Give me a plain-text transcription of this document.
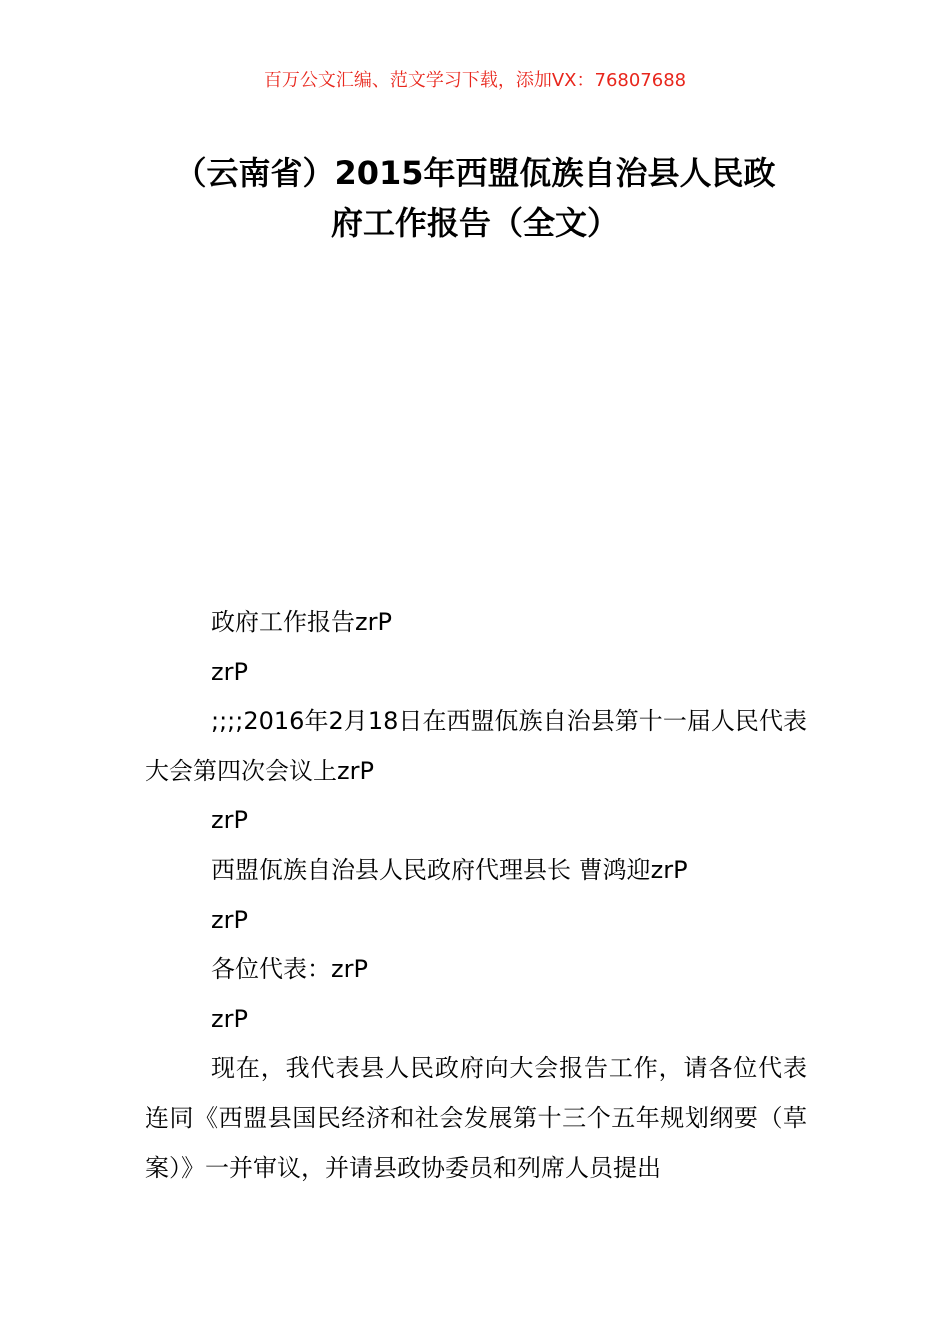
百万公文汇编、范文学习下载，添加VX：76807688
（云南省）2015年西盟佤族自治县人民政
府工作报告（全文）

政府工作报告zrP

zrP

;;;;2016年2月18日在西盟佤族自治县第十一届人民代表大会第四次会议上zrP

zrP

西盟佤族自治县人民政府代理县长 曹鸿迎zrP

zrP

各位代表：zrP

zrP

现在，我代表县人民政府向大会报告工作，请各位代表连同《西盟县国民经济和社会发展第十三个五年规划纲要（草案）》一并审议，并请县政协委员和列席人员提出
